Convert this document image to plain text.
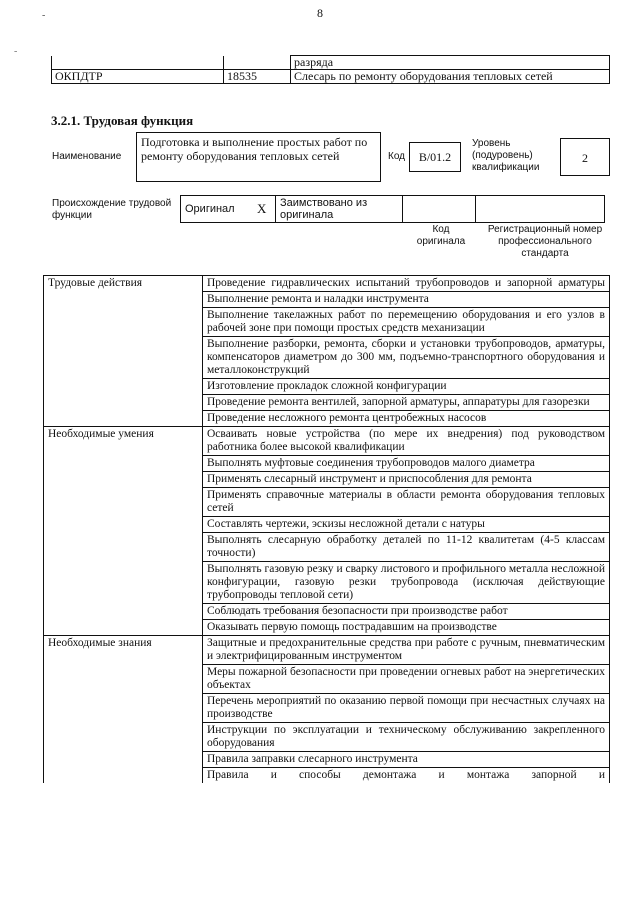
-
-
8
		разряда
ОКПДТР	18535	Слесарь по ремонту оборудования тепловых сетей
3.2.1. Трудовая функция
Наименование
Подготовка и выполнение простых работ по ремонту оборудования тепловых сетей	Код	B/01.2
Уровень (подуровень) квалификации
2
Происхождение трудовой функции
Оригинал	X	Заимствовано из оригинала		
Код оригинала
Регистрационный номер профессионального стандарта
Трудовые действия	Проведение гидравлических испытаний трубопроводов и запорной арматуры
	Выполнение ремонта и наладки инструмента
	Выполнение такелажных работ по перемещению оборудования и его узлов в рабочей зоне при помощи простых средств механизации
	Выполнение разборки, ремонта, сборки и установки трубопроводов, арматуры, компенсаторов диаметром до 300 мм, подъемно-транспортного оборудования и металлоконструкций
	Изготовление прокладок сложной конфигурации
	Проведение ремонта вентилей, запорной арматуры, аппаратуры для газорезки
	Проведение несложного ремонта центробежных насосов
Необходимые умения	Осваивать новые устройства (по мере их внедрения) под руководством работника более высокой квалификации
	Выполнять муфтовые соединения трубопроводов малого диаметра
	Применять слесарный инструмент и приспособления для ремонта
	Применять справочные материалы в области ремонта оборудования тепловых сетей
	Составлять чертежи, эскизы несложной детали с натуры
	Выполнять слесарную обработку деталей по 11-12 квалитетам (4-5 классам точности)
	Выполнять газовую резку и сварку листового и профильного металла несложной конфигурации, газовую резки трубопровода (исключая действующие трубопроводы тепловой сети)
	Соблюдать требования безопасности при производстве работ
	Оказывать первую помощь пострадавшим на производстве
Необходимые знания	Защитные и предохранительные средства при работе с ручным, пневматическим и электрифицированным инструментом
	Меры пожарной безопасности при проведении огневых работ на энергетических объектах
	Перечень мероприятий по оказанию первой помощи при несчастных случаях на производстве
	Инструкции по эксплуатации и техническому обслуживанию закрепленного оборудования
	Правила заправки слесарного инструмента
	Правила и способы демонтажа и монтажа запорной и
